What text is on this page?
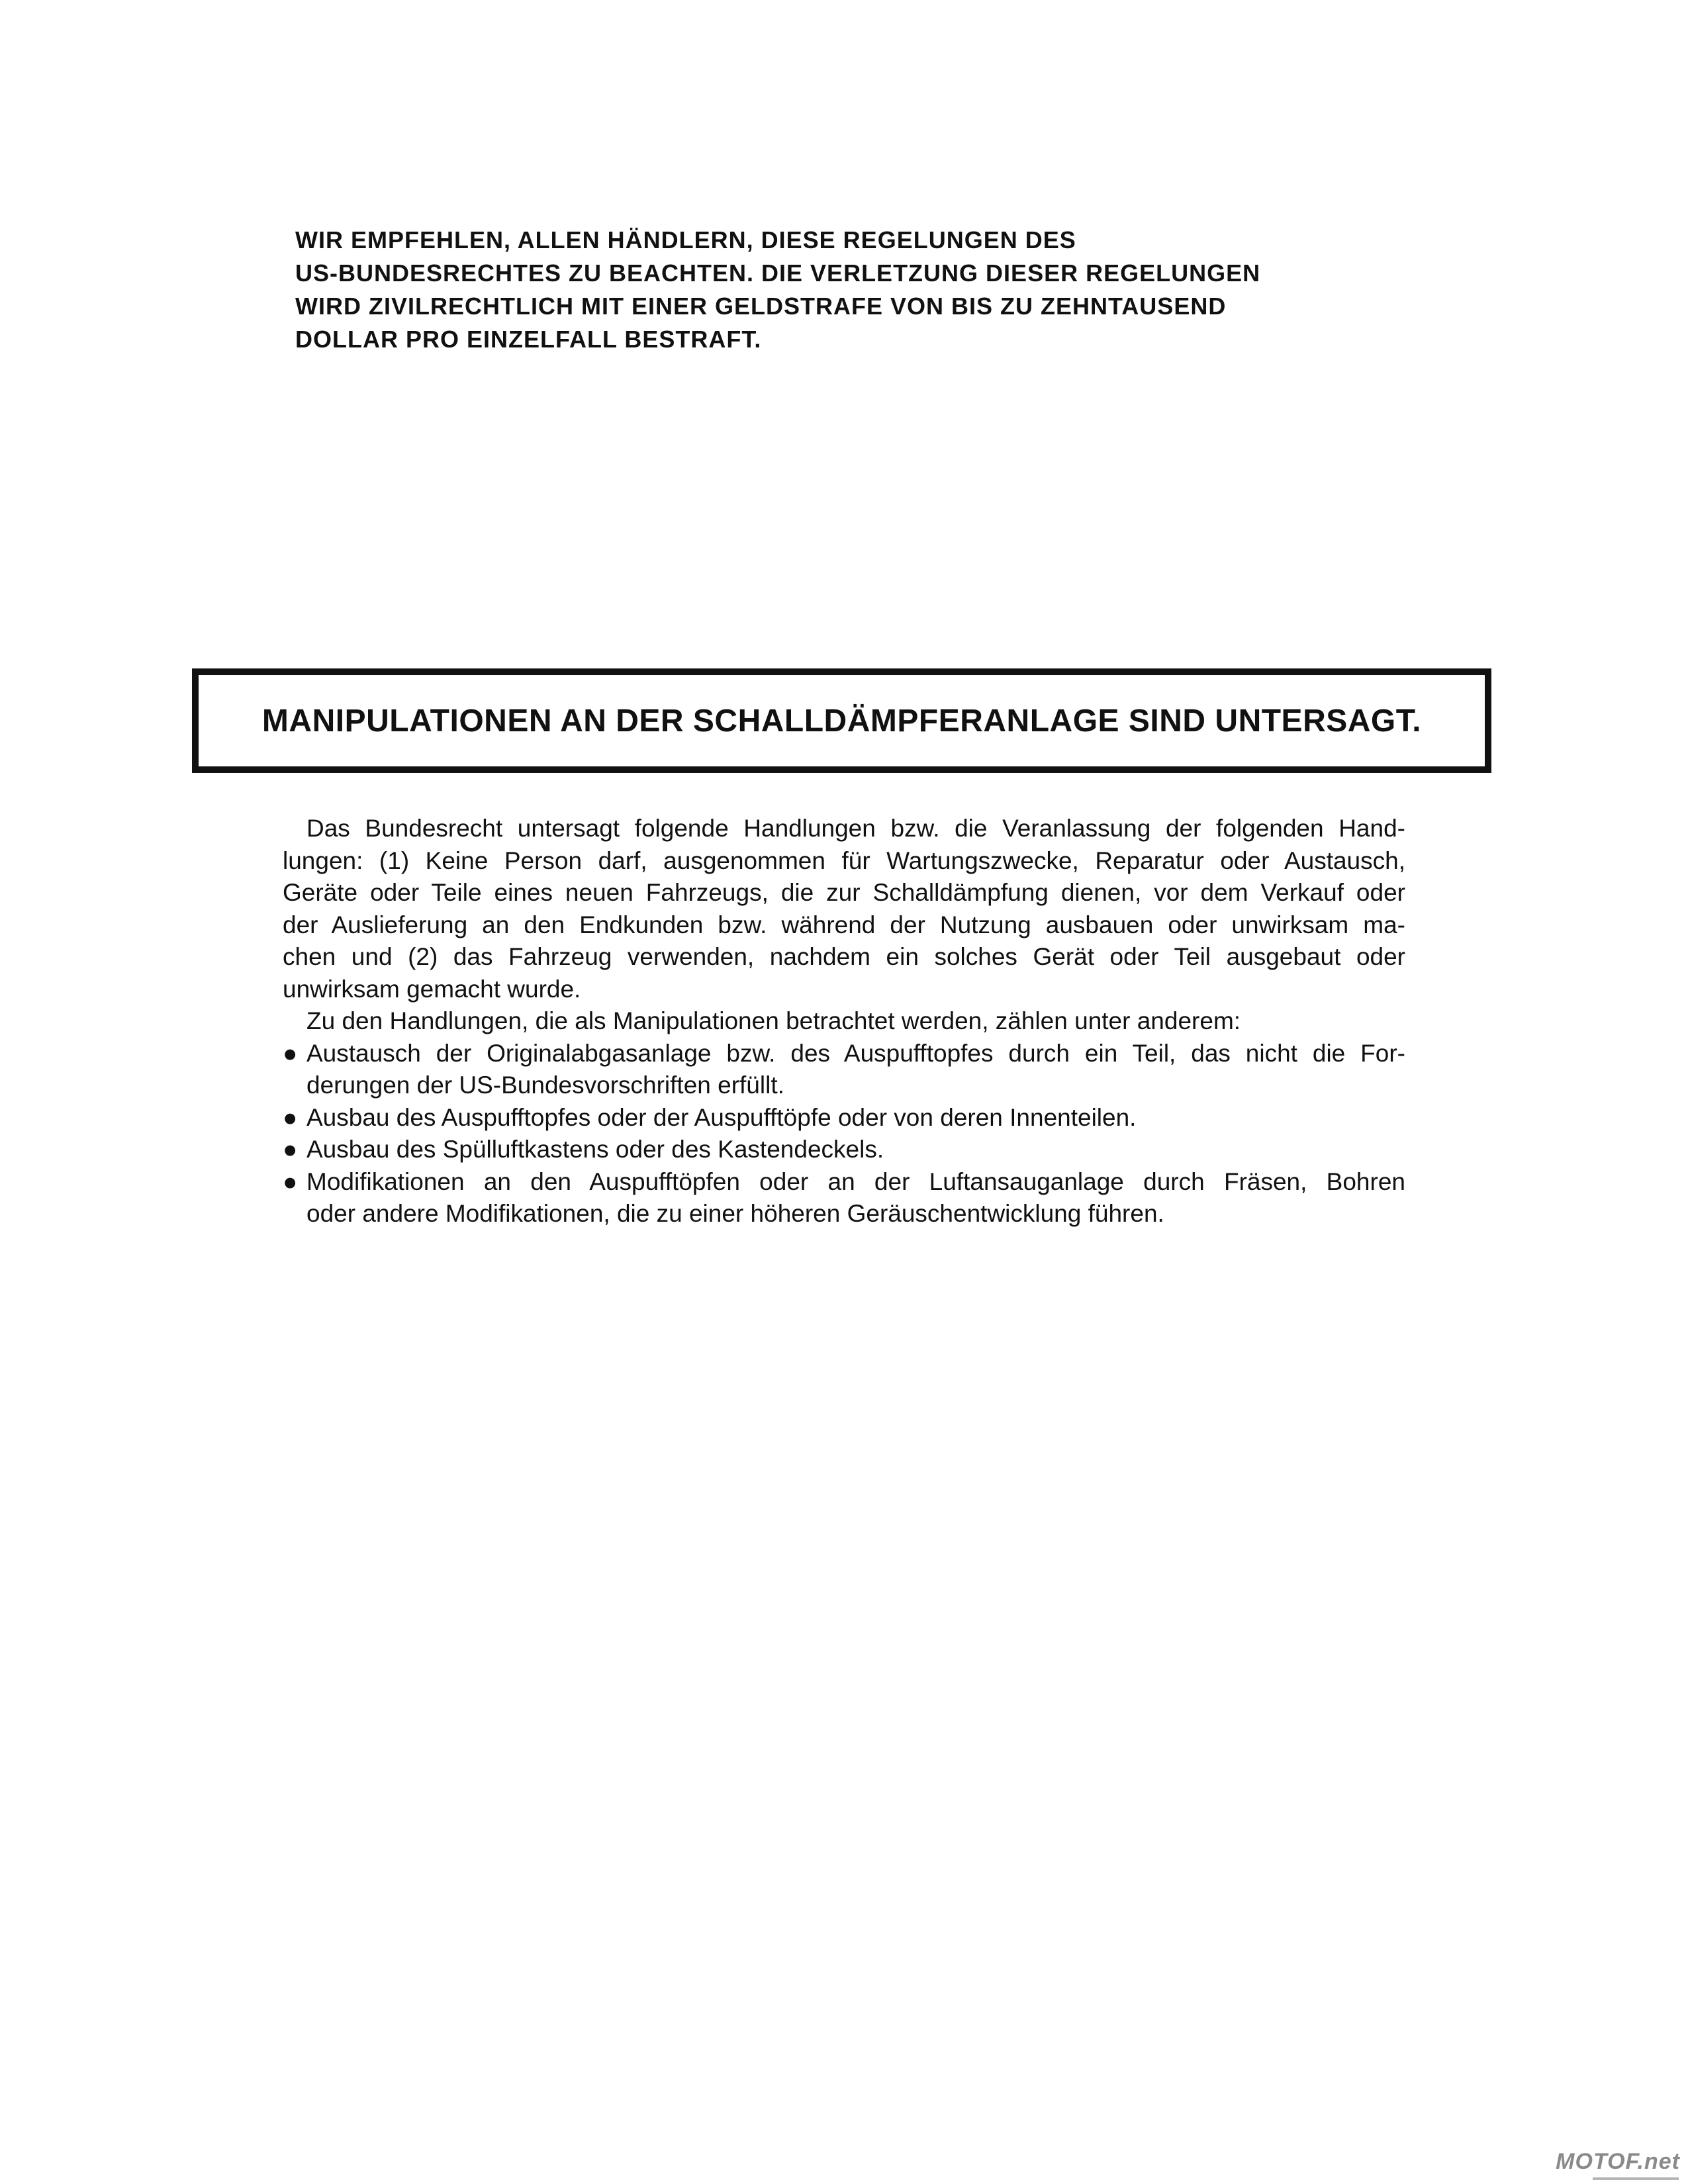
WIR EMPFEHLEN, ALLEN HÄNDLERN, DIESE REGELUNGEN DES
US-BUNDESRECHTES ZU BEACHTEN. DIE VERLETZUNG DIESER REGELUNGEN
WIRD ZIVILRECHTLICH MIT EINER GELDSTRAFE VON BIS ZU ZEHNTAUSEND
DOLLAR PRO EINZELFALL BESTRAFT.
MANIPULATIONEN AN DER SCHALLDÄMPFERANLAGE SIND UNTERSAGT.
Das Bundesrecht untersagt folgende Handlungen bzw. die Veranlassung der folgenden Hand-
lungen: (1) Keine Person darf, ausgenommen für Wartungszwecke, Reparatur oder Austausch,
Geräte oder Teile eines neuen Fahrzeugs, die zur Schalldämpfung dienen, vor dem Verkauf oder
der Auslieferung an den Endkunden bzw. während der Nutzung ausbauen oder unwirksam ma-
chen und (2) das Fahrzeug verwenden, nachdem ein solches Gerät oder Teil ausgebaut oder
unwirksam gemacht wurde.
Zu den Handlungen, die als Manipulationen betrachtet werden, zählen unter anderem:
● Austausch der Originalabgasanlage bzw. des Auspufftopfes durch ein Teil, das nicht die For-
derungen der US-Bundesvorschriften erfüllt.
● Ausbau des Auspufftopfes oder der Auspufftöpfe oder von deren Innenteilen.
● Ausbau des Spülluftkastens oder des Kastendeckels.
● Modifikationen an den Auspufftöpfen oder an der Luftansauganlage durch Fräsen, Bohren
oder andere Modifikationen, die zu einer höheren Geräuschentwicklung führen.
MOTOF.net
